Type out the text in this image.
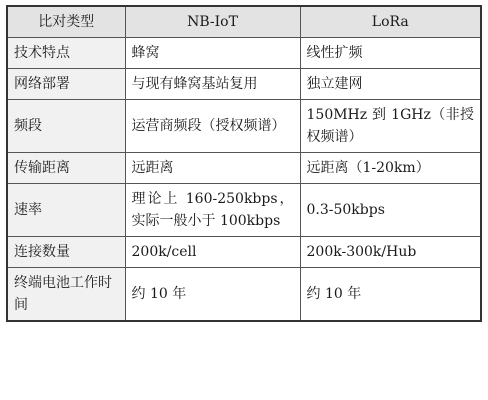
比对类型	NB-IoT	LoRa
技术特点	蜂窝	线性扩频
网络部署	与现有蜂窝基站复用	独立建网
频段	运营商频段（授权频谱）	150MHz 到 1GHz（非授权频谱）
传输距离	远距离	远距离（1-20km）
速率	理论上 160-250kbps，实际一般小于 100kbps	0.3-50kbps
连接数量	200k/cell	200k-300k/Hub
终端电池工作时间	约 10 年	约 10 年
